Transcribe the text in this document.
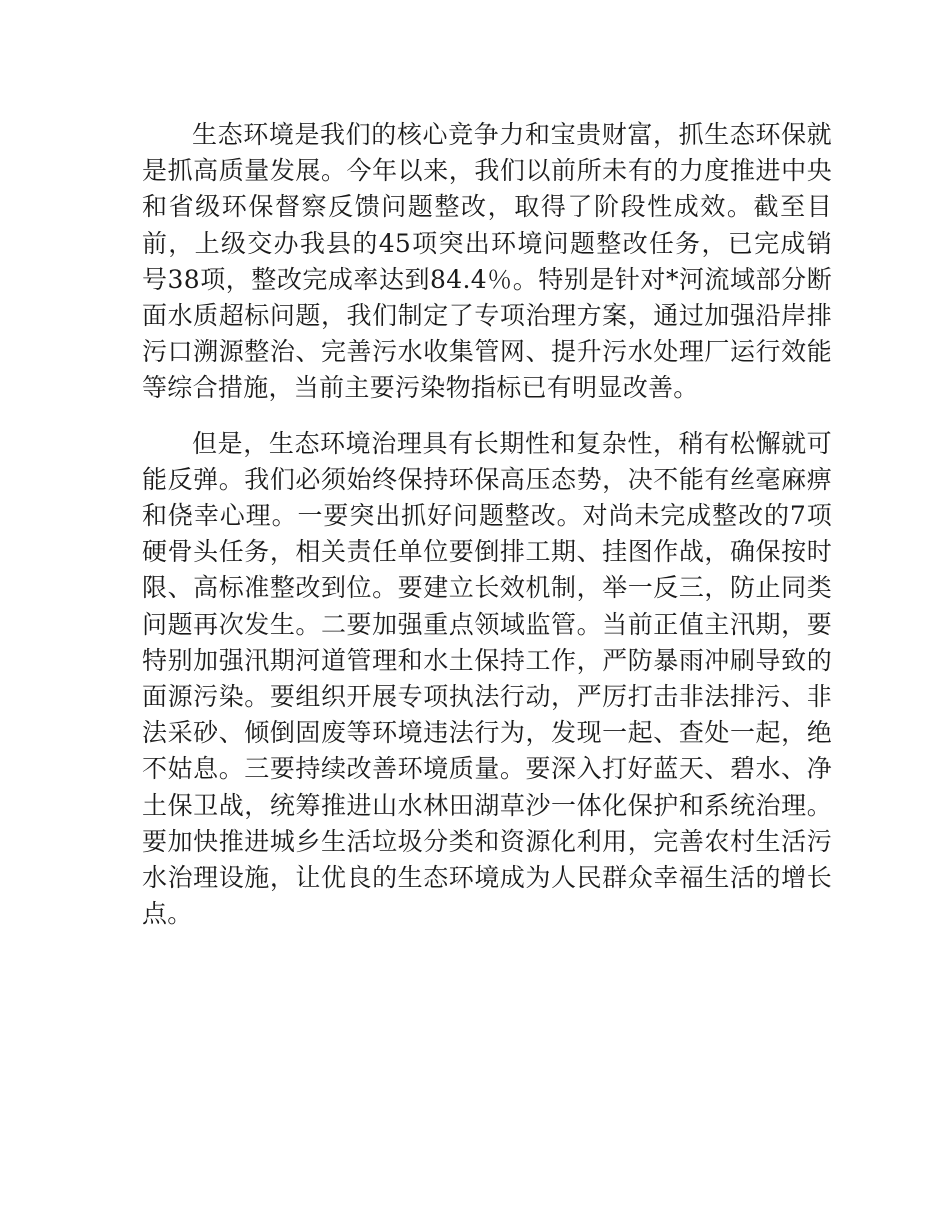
生态环境是我们的核心竞争力和宝贵财富，抓生态环保就是抓高质量发展。今年以来，我们以前所未有的力度推进中央和省级环保督察反馈问题整改，取得了阶段性成效。截至目前，上级交办我县的45项突出环境问题整改任务，已完成销号38项，整改完成率达到84.4％。特别是针对*河流域部分断面水质超标问题，我们制定了专项治理方案，通过加强沿岸排污口溯源整治、完善污水收集管网、提升污水处理厂运行效能等综合措施，当前主要污染物指标已有明显改善。

但是，生态环境治理具有长期性和复杂性，稍有松懈就可能反弹。我们必须始终保持环保高压态势，决不能有丝毫麻痹和侥幸心理。一要突出抓好问题整改。对尚未完成整改的7项硬骨头任务，相关责任单位要倒排工期、挂图作战，确保按时限、高标准整改到位。要建立长效机制，举一反三，防止同类问题再次发生。二要加强重点领域监管。当前正值主汛期，要特别加强汛期河道管理和水土保持工作，严防暴雨冲刷导致的面源污染。要组织开展专项执法行动，严厉打击非法排污、非法采砂、倾倒固废等环境违法行为，发现一起、查处一起，绝不姑息。三要持续改善环境质量。要深入打好蓝天、碧水、净土保卫战，统筹推进山水林田湖草沙一体化保护和系统治理。要加快推进城乡生活垃圾分类和资源化利用，完善农村生活污水治理设施，让优良的生态环境成为人民群众幸福生活的增长点。
